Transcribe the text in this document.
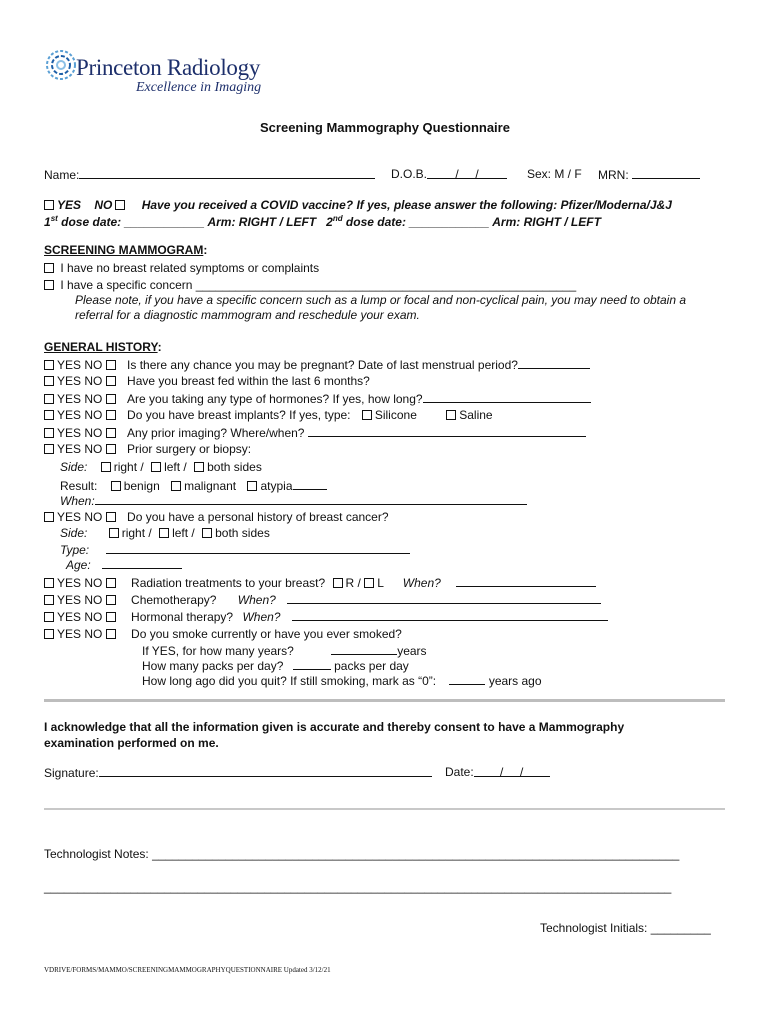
Princeton Radiology
Excellence in Imaging
Screening Mammography Questionnaire
Name:	D.O.B. /     /	Sex: M / F MRN:
YES    NO Have you received a COVID vaccine? If yes, please answer the following: Pfizer/Moderna/J&J
1st dose date: ____________ Arm: RIGHT / LEFT   2nd dose date: ____________ Arm: RIGHT / LEFT
SCREENING MAMMOGRAM:
I have no breast related symptoms or complaints
I have a specific concern _________________________________________________________
Please note, if you have a specific concern such as a lump or focal and non-cyclical pain, you may need to obtain a
referral for a diagnostic mammogram and reschedule your exam.
GENERAL HISTORY:
YES NO Is there any chance you may be pregnant? Date of last menstrual period?
YES NO Have you breast fed within the last 6 months?
YES NO Are you taking any type of hormones? If yes, how long?
YES NO Do you have breast implants? If yes, type: Silicone	Saline
YES NO Any prior imaging? Where/when?
YES NO Prior surgery or biopsy:
Side: right / left / both sides
Result: benign malignant atypia
When:
YES NO Do you have a personal history of breast cancer?
Side:	right / left / both sides
Type:
Age:
YES NO Radiation treatments to your breast? R / L When?
YES NO Chemotherapy? When?
YES NO Hormonal therapy? When?
YES NO Do you smoke currently or have you ever smoked?
If YES, for how many years?	years
How many packs per day?	packs per day
How long ago did you quit? If still smoking, mark as “0”:	years ago
I acknowledge that all the information given is accurate and thereby consent to have a Mammography
examination performed on me.
Signature:	Date: /     /
Technologist Notes: _______________________________________________________________________________
______________________________________________________________________________________________
Technologist Initials: _________
VDRIVE/FORMS/MAMMO/SCREENINGMAMMOGRAPHYQUESTIONNAIRE Updated 3/12/21
